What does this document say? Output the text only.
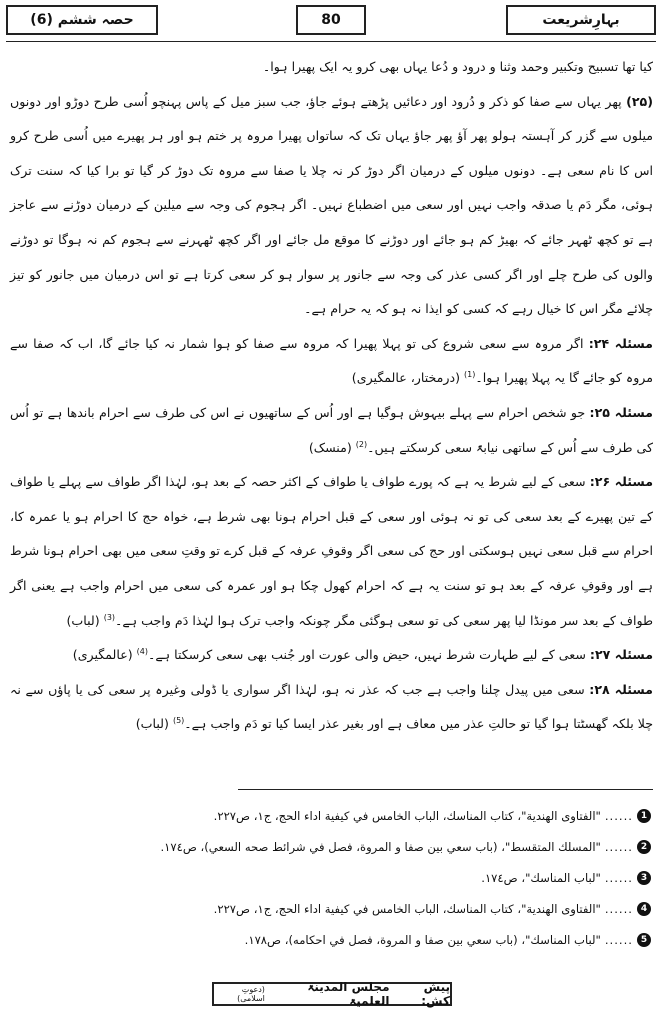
حصہ ششم (6)	80	بہارِشریعت

کیا تھا تسبیح وتکبیر وحمد وثنا و درود و دُعا یہاں بھی کرو یہ ایک پھیرا ہوا۔

(۲۵) پھر یہاں سے صفا کو ذکر و دُرود اور دعائیں پڑھتے ہوئے جاؤ، جب سبز میل کے پاس پہنچو اُسی طرح دوڑو اور دونوں میلوں سے گزر کر آہستہ ہولو پھر آؤ پھر جاؤ یہاں تک کہ ساتواں پھیرا مروہ پر ختم ہو اور ہر پھیرے میں اُسی طرح کرو اس کا نام سعی ہے۔ دونوں میلوں کے درمیان اگر دوڑ کر نہ چلا یا صفا سے مروہ تک دوڑ کر گیا تو برا کیا کہ سنت ترک ہوئی، مگر دَم یا صدقہ واجب نہیں اور سعی میں اضطباع نہیں۔ اگر ہجوم کی وجہ سے میلین کے درمیان دوڑنے سے عاجز ہے تو کچھ ٹھہر جائے کہ بھیڑ کم ہو جائے اور دوڑنے کا موقع مل جائے اور اگر کچھ ٹھہرنے سے ہجوم کم نہ ہوگا تو دوڑنے والوں کی طرح چلے اور اگر کسی عذر کی وجہ سے جانور پر سوار ہو کر سعی کرتا ہے تو اس درمیان میں جانور کو تیز چلائے مگر اس کا خیال رہے کہ کسی کو ایذا نہ ہو کہ یہ حرام ہے۔

مسئلہ ۲۴: اگر مروہ سے سعی شروع کی تو پہلا پھیرا کہ مروہ سے صفا کو ہوا شمار نہ کیا جائے گا، اب کہ صفا سے مروہ کو جائے گا یہ پہلا پھیرا ہوا۔$^{(1)}$ (درمختار، عالمگیری)

مسئلہ ۲۵: جو شخص احرام سے پہلے بیہوش ہوگیا ہے اور اُس کے ساتھیوں نے اس کی طرف سے احرام باندھا ہے تو اُس کی طرف سے اُس کے ساتھی نیابۃً سعی کرسکتے ہیں۔$^{(2)}$ (منسک)

مسئلہ ۲۶: سعی کے لیے شرط یہ ہے کہ پورے طواف یا طواف کے اکثر حصہ کے بعد ہو، لہٰذا اگر طواف سے پہلے یا طواف کے تین پھیرے کے بعد سعی کی تو نہ ہوئی اور سعی کے قبل احرام ہونا بھی شرط ہے، خواہ حج کا احرام ہو یا عمرہ کا، احرام سے قبل سعی نہیں ہوسکتی اور حج کی سعی اگر وقوفِ عرفہ کے قبل کرے تو وقتِ سعی میں بھی احرام ہونا شرط ہے اور وقوفِ عرفہ کے بعد ہو تو سنت یہ ہے کہ احرام کھول چکا ہو اور عمرہ کی سعی میں احرام واجب ہے یعنی اگر طواف کے بعد سر مونڈا لیا پھر سعی کی تو سعی ہوگئی مگر چونکہ واجب ترک ہوا لہٰذا دَم واجب ہے۔$^{(3)}$ (لباب)

مسئلہ ۲۷: سعی کے لیے طہارت شرط نہیں، حیض والی عورت اور جُنب بھی سعی کرسکتا ہے۔$^{(4)}$ (عالمگیری)

مسئلہ ۲۸: سعی میں پیدل چلنا واجب ہے جب کہ عذر نہ ہو، لہٰذا اگر سواری یا ڈولی وغیرہ پر سعی کی یا پاؤں سے نہ چلا بلکہ گھسٹتا ہوا گیا تو حالتِ عذر میں معاف ہے اور بغیر عذر ایسا کیا تو دَم واجب ہے۔$^{(5)}$ (لباب)

1
......
"الفتاوى الهندية"، كتاب المناسك، الباب الخامس في كيفية اداء الحج، ج١، ص٢٢٧.
2
......
"المسلك المتقسط"، (باب سعي بين صفا و المروة، فصل في شرائط صحه السعي)، ص١٧٤.
3
......
"لباب المناسك"، ص١٧٤.
4
......
"الفتاوى الهندية"، كتاب المناسك، الباب الخامس في كيفية اداء الحج، ج١، ص٢٢٧.
5
......
"لباب المناسك"، (باب سعي بين صفا و المروة، فصل في احكامه)، ص١٧٨.
پیش کش:

مجلس المدینۃ العلمیۃ

(دعوتِ اسلامی)
